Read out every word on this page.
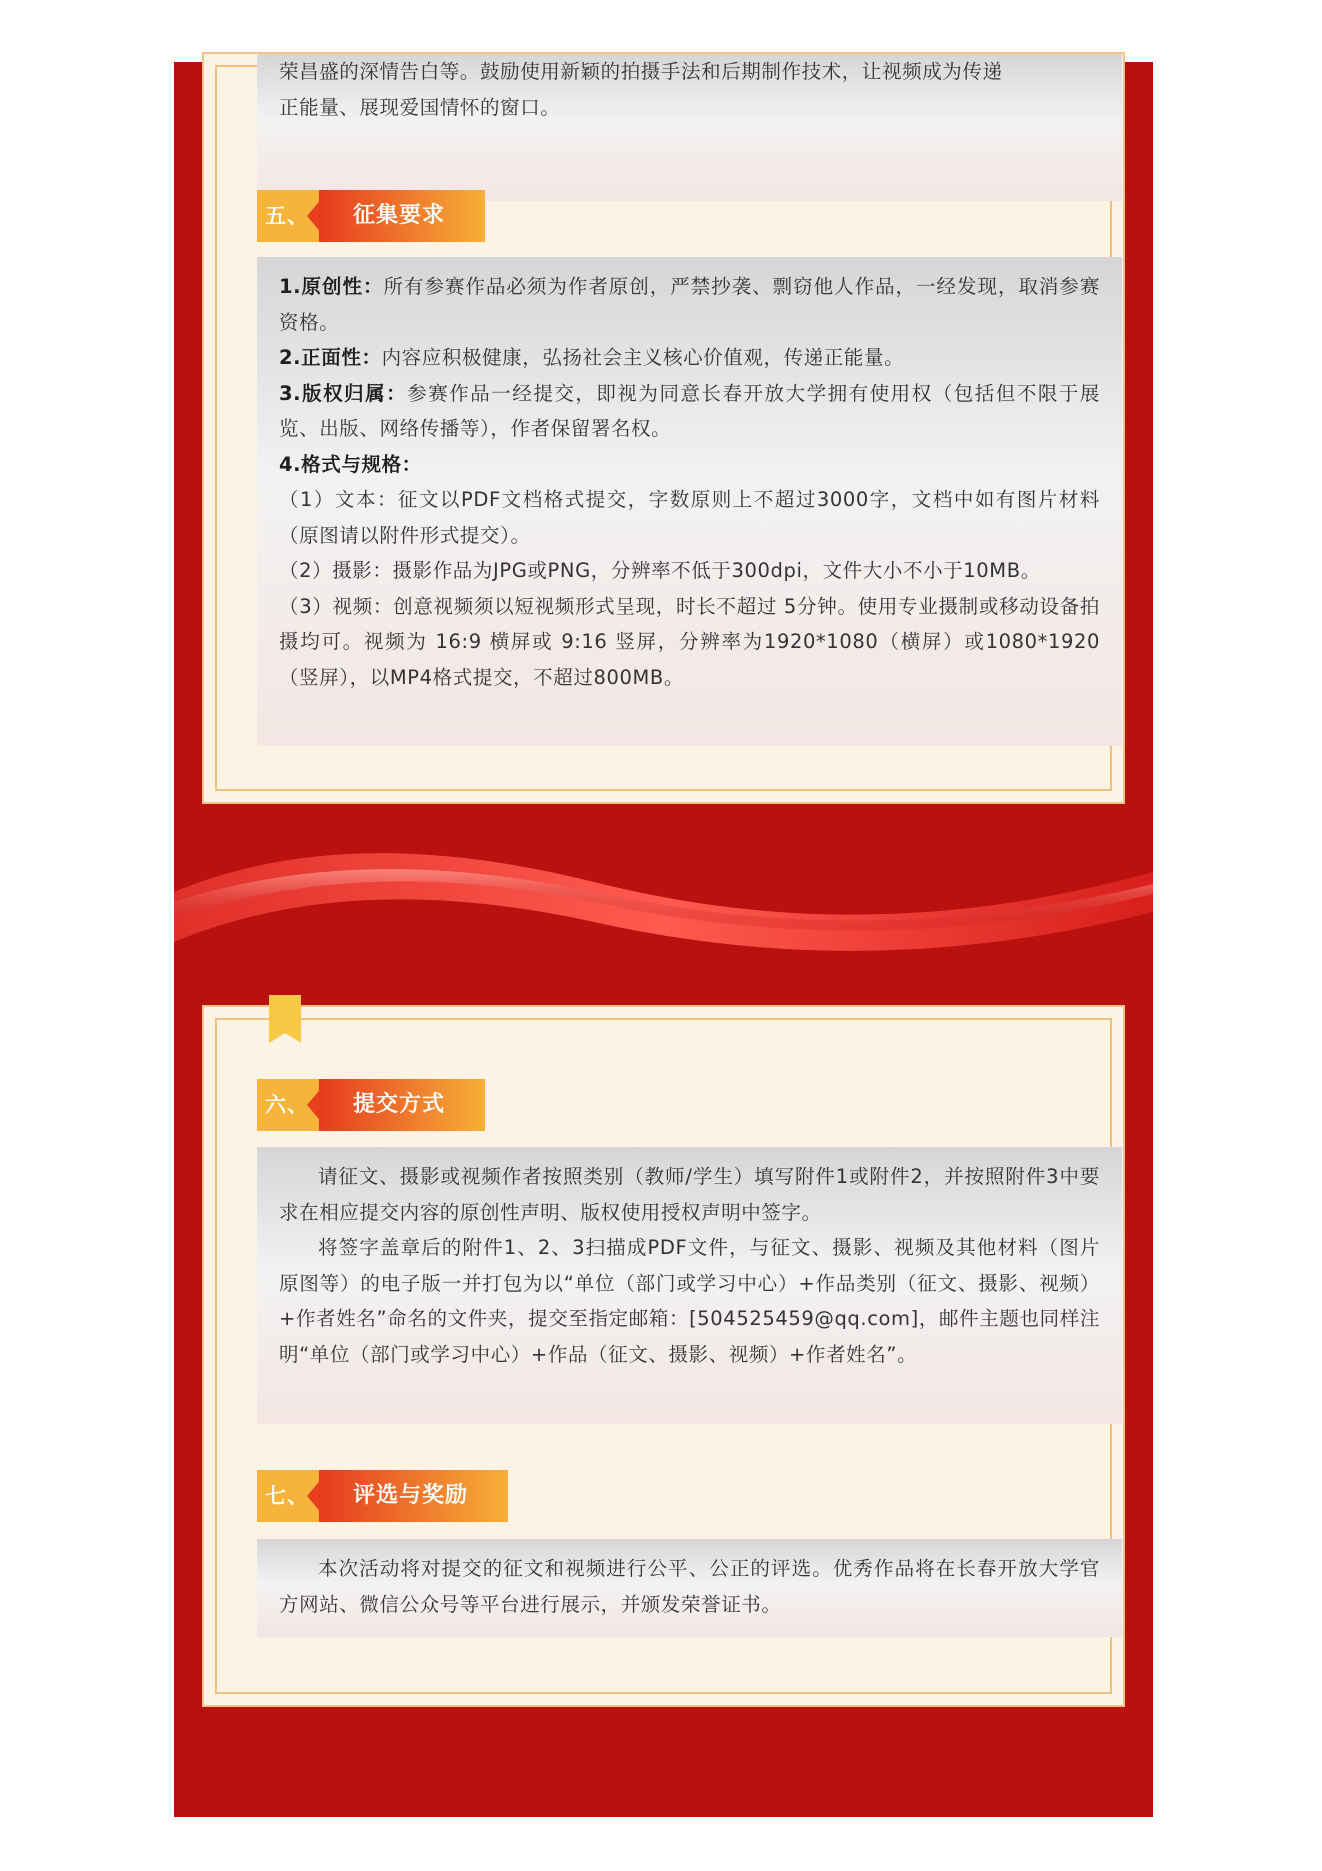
荣昌盛的深情告白等。鼓励使用新颖的拍摄手法和后期制作技术，让视频成为传递

正能量、展现爱国情怀的窗口。

五、	征集要求

1.原创性：所有参赛作品必须为作者原创，严禁抄袭、剽窃他人作品，一经发现，取消参赛资格。

2.正面性：内容应积极健康，弘扬社会主义核心价值观，传递正能量。

3.版权归属：参赛作品一经提交，即视为同意长春开放大学拥有使用权（包括但不限于展览、出版、网络传播等），作者保留署名权。

4.格式与规格：

（1）文本：征文以PDF文档格式提交，字数原则上不超过3000字，文档中如有图片材料（原图请以附件形式提交）。

（2）摄影：摄影作品为JPG或PNG，分辨率不低于300dpi，文件大小不小于10MB。

（3）视频：创意视频须以短视频形式呈现，时长不超过 5分钟。使用专业摄制或移动设备拍摄均可。视频为 16:9 横屏或 9:16 竖屏，分辨率为1920*1080（横屏）或1080*1920（竖屏），以MP4格式提交，不超过800MB。

六、	提交方式

请征文、摄影或视频作者按照类别（教师/学生）填写附件1或附件2，并按照附件3中要求在相应提交内容的原创性声明、版权使用授权声明中签字。

将签字盖章后的附件1、2、3扫描成PDF文件，与征文、摄影、视频及其他材料（图片原图等）的电子版一并打包为以“单位（部门或学习中心）+作品类别（征文、摄影、视频）+作者姓名”命名的文件夹，提交至指定邮箱：[504525459@qq.com]，邮件主题也同样注明“单位（部门或学习中心）+作品（征文、摄影、视频）+作者姓名”。

七、	评选与奖励

本次活动将对提交的征文和视频进行公平、公正的评选。优秀作品将在长春开放大学官方网站、微信公众号等平台进行展示，并颁发荣誉证书。
